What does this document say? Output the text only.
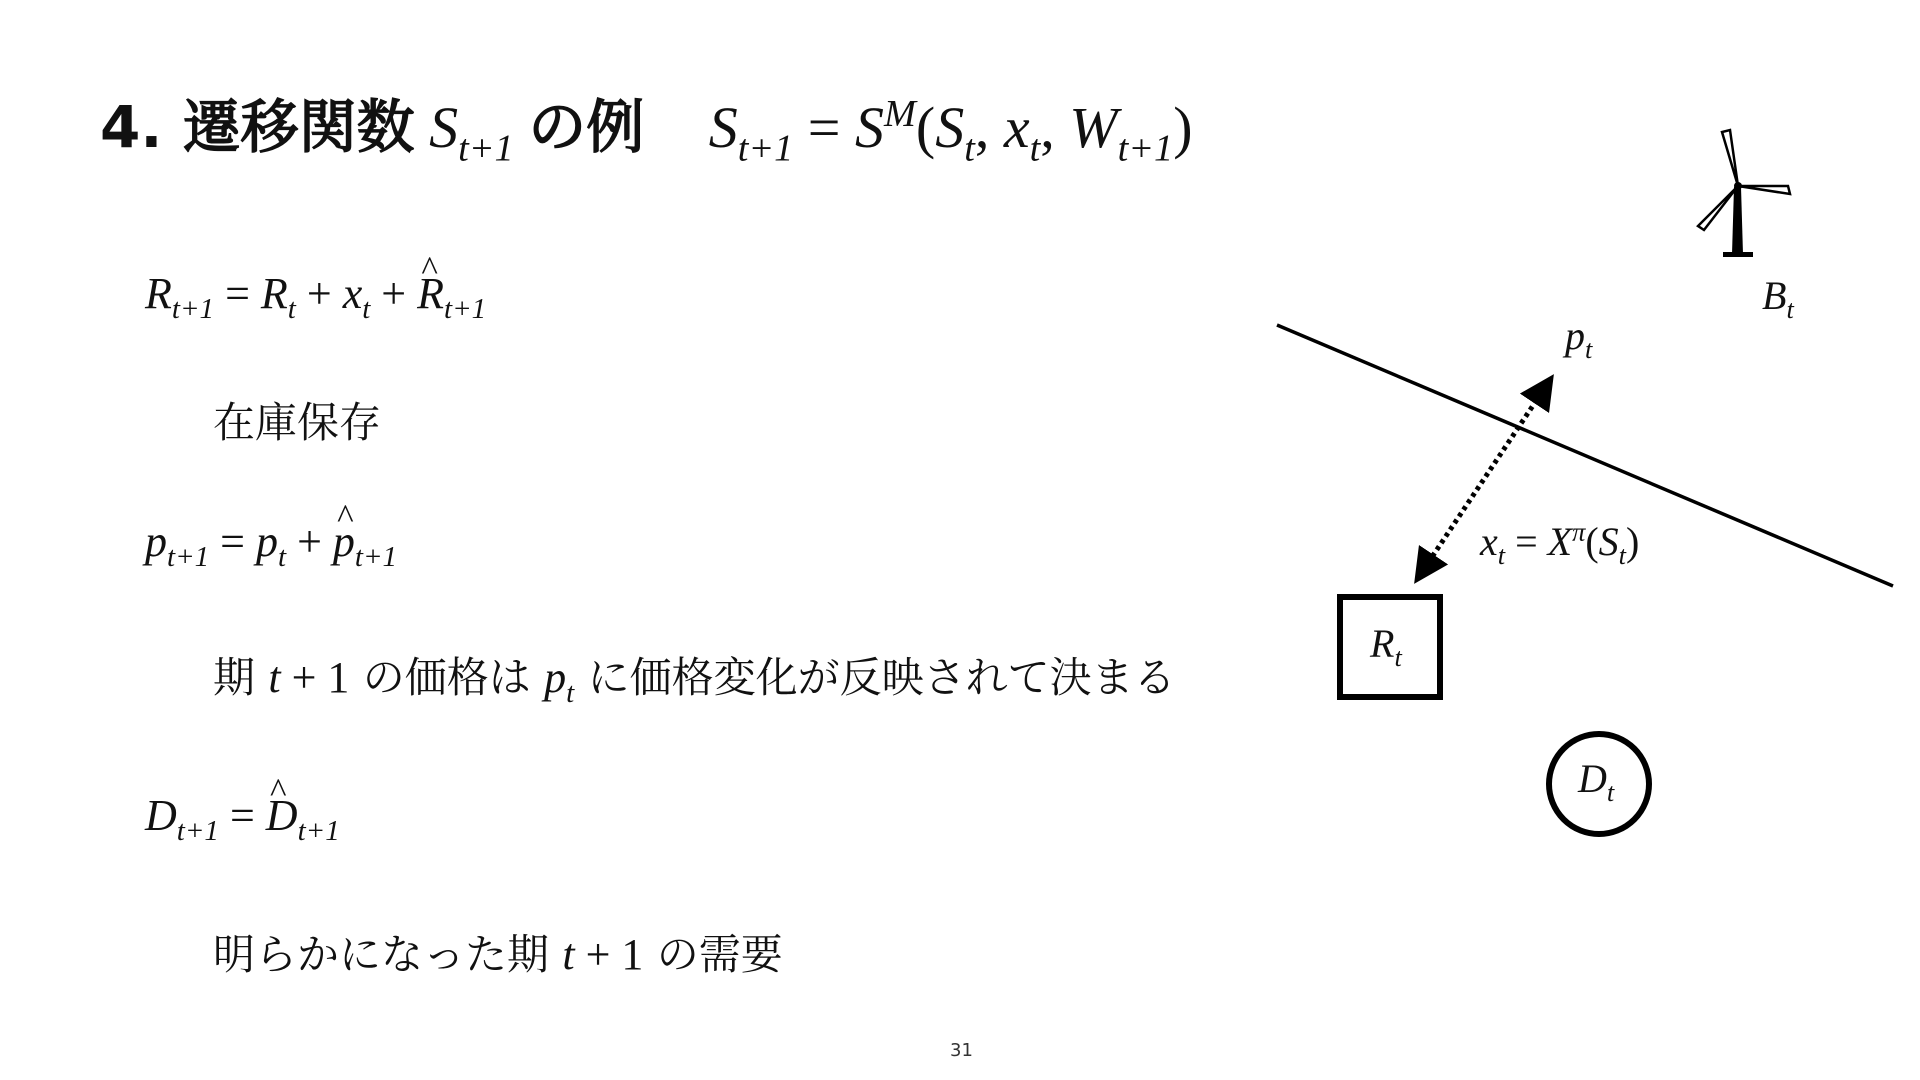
4. 遷移関数 $S_{t+1}$ の例 $S_{t+1} = S^M(S_t$, $x_t$, $W_{t+1}$)
$R_{t+1} = R_t + x_t$ + ^ $R_{t+1}$
在庫保存
$p_{t+1} = p_t$ + ^ $p_{t+1}$
期 t + 1 の価格は $p_t$ に価格変化が反映されて決まる
$D_{t+1}$ = ^ $D_{t+1}$
明らかになった期 t + 1 の需要
$R_t$
$D_t$
$p_t$
$B_t$
$x_t = X^\pi(S_t)$
31
